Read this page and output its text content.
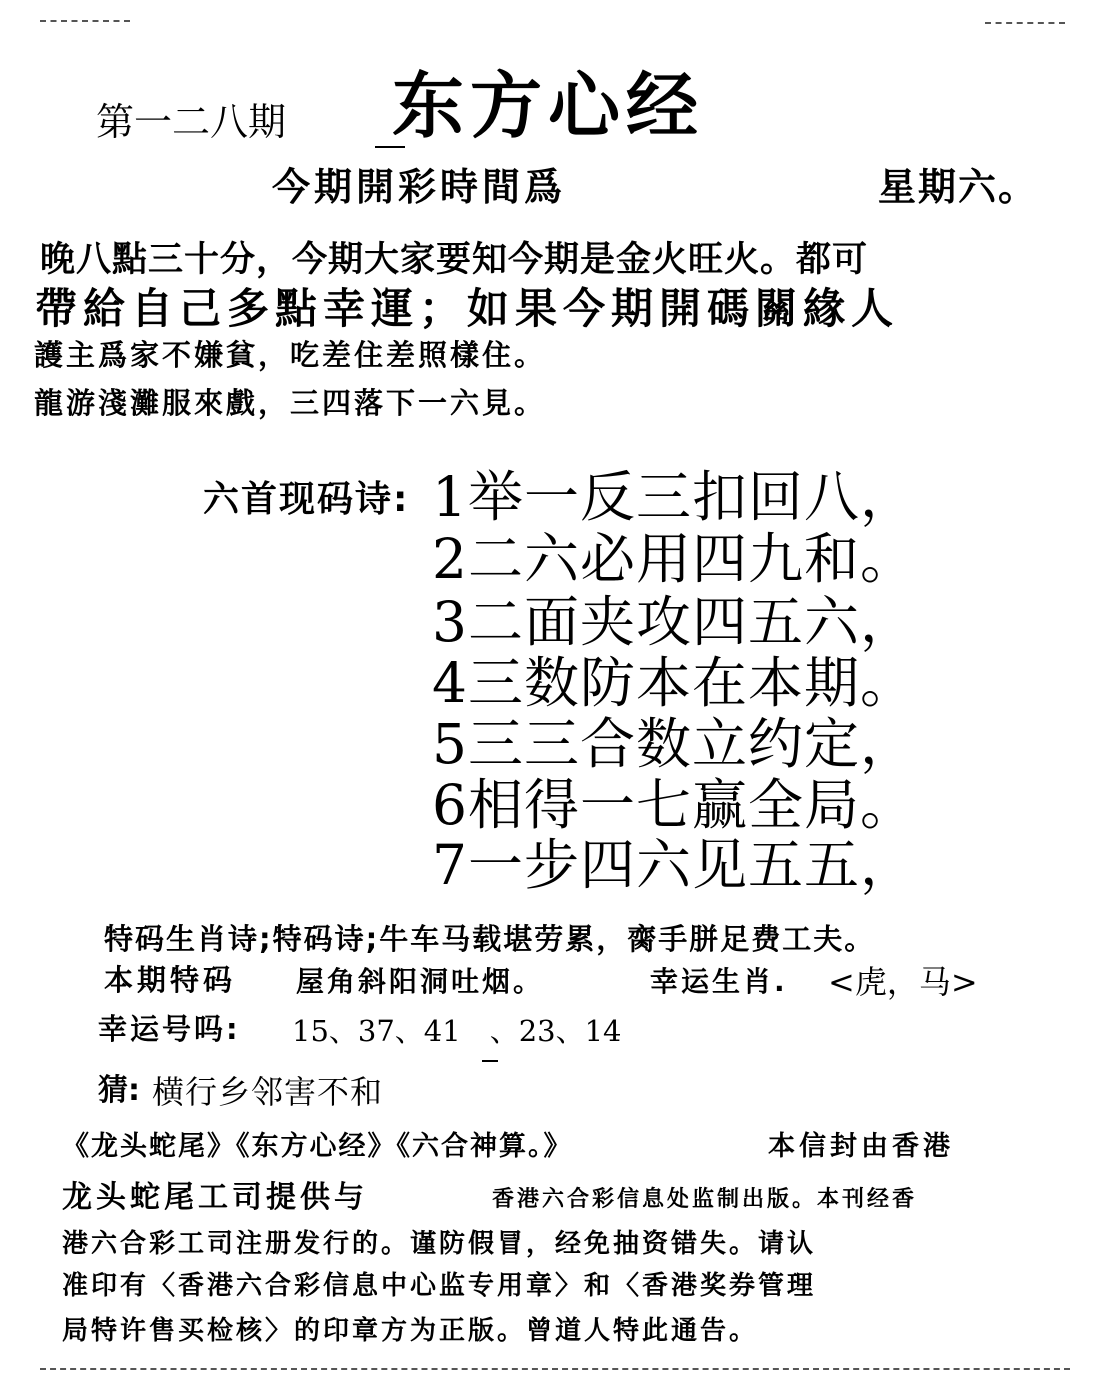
第一二八期 东方心经
今期開彩時間爲	星期六。
晚八點三十分，今期大家要知今期是金火旺火。都可
帶給自己多點幸運；如果今期開碼關緣人
護主爲家不嫌貧，吃差住差照樣住。
龍游淺灘服來戲，三四落下一六見。
六首现码诗: 1举一反三扣回八，
2二六必用四九和。
3二面夹攻四五六，
4三数防本在本期。
5三三合数立约定，
6相得一七赢全局。
7一步四六见五五，
特码生肖诗;特码诗;牛车马载堪劳累，䐡手胼足费工夫。
本期特码 屋角斜阳洞吐烟。	幸运生肖. <虎，马>
幸运号吗: 15、37、41　、23、14
猜: 横行乡邻害不和
《龙头蛇尾》《东方心经》《六合神算。》	本信封由香港
龙头蛇尾工司提供与	香港六合彩信息处监制出版。本刊经香
港六合彩工司注册发行的。谨防假冒，经免抽资错失。请认
准印有〈香港六合彩信息中心监专用章〉和〈香港奖券管理
局特许售买检核〉的印章方为正版。曾道人特此通告。
